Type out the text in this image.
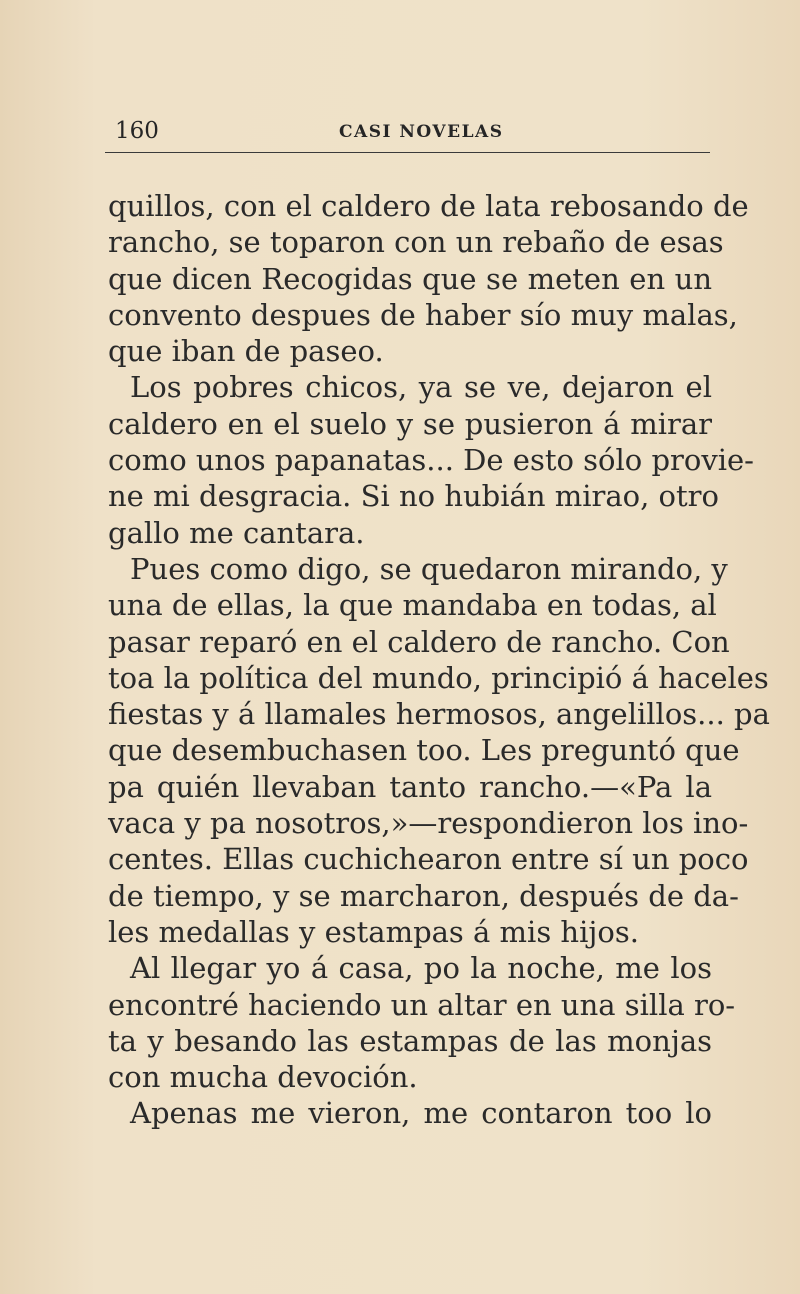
160	CASI NOVELAS
quillos, con el caldero de lata rebosando de
rancho, se toparon con un rebaño de esas
que dicen Recogidas que se meten en un
convento despues de haber sío muy malas,
que iban de paseo.
Los pobres chicos, ya se ve, dejaron el
caldero en el suelo y se pusieron á mirar
como unos papanatas... De esto sólo provie-
ne mi desgracia. Si no hubián mirao, otro
gallo me cantara.
Pues como digo, se quedaron mirando, y
una de ellas, la que mandaba en todas, al
pasar reparó en el caldero de rancho. Con
toa la política del mundo, principió á haceles
fiestas y á llamales hermosos, angelillos... pa
que desembuchasen too. Les preguntó que
pa quién llevaban tanto rancho.—«Pa la
vaca y pa nosotros,»—respondieron los ino-
centes. Ellas cuchichearon entre sí un poco
de tiempo, y se marcharon, después de da-
les medallas y estampas á mis hijos.
Al llegar yo á casa, po la noche, me los
encontré haciendo un altar en una silla ro-
ta y besando las estampas de las monjas
con mucha devoción.
Apenas me vieron, me contaron too lo
